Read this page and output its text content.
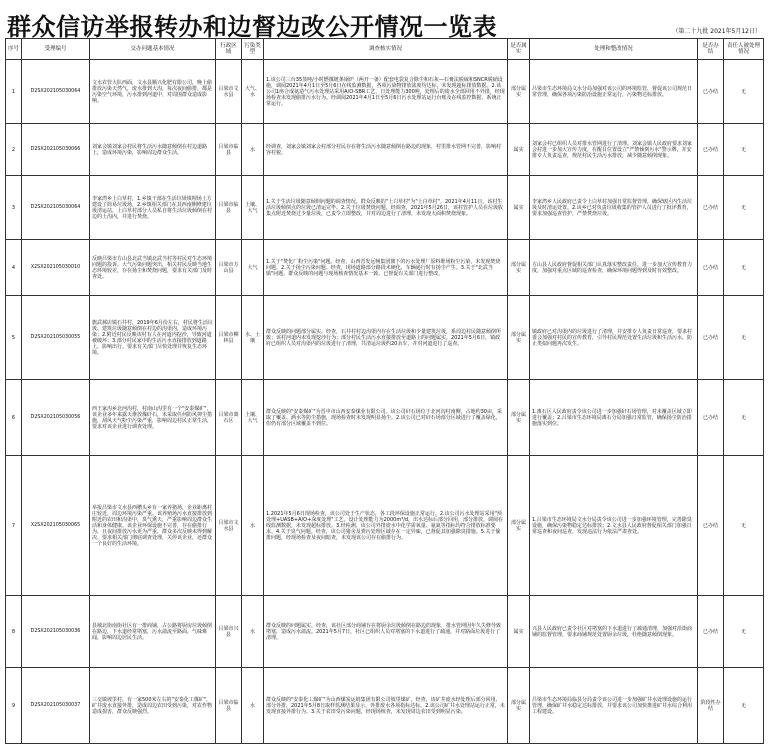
群众信访举报转办和边督边改公开情况一览表	（第二十九批 2021年5月12日）
序号	受理编号	交办问题基本情况	行政区域	污染类型	调查核实情况	是否属实	处理和整改情况	是否办结	责任人被处理情况
1	D2SX202105030064	文水农管大队西面，文水县顺兴化肥有限公司，晚上偷排放污染天然气，废水排到大沟，每次夜间偷排，都是污染空气环境，污水排到河道中，对周围群众造成影响。	吕梁市文水县	大气、水	1.该公司三台35蒸吨/小时燃煤链条锅炉（两开一备）配套电袋复合除尘和石灰—石膏法脱硫和SNCR脱硝设施，调阅2021年4月1日至5月6日在线监测数据，各项污染物排放浓度均达标，未发现超标排放数据。2.该公司1座合成氨造气污水处理站采用A/O-SBR工艺，日处理能力300吨，处理后的废水全部回用不外排，经现场检查未发现偷排污水行为。经调阅2021年4月1日至5月6日污水处理站运行台账及在线监控数据，系统正常运行。	部分属实	吕梁市生态环境局文水分局加强对该公司的环境监管，督促该公司规范日常管理，确保各项污染防治设施正常运行，污染物达标排放。	已办结	无
2	D2SX202105030066	刘家会镇刘家会村民将生活污水随意倾倒在村边道路上，造成环境污染，影响周边群众生活。	吕梁市临县	水	经调查，刘家会镇刘家会村部分村民存在将生活污水随意倾倒在路边的现象，村里排水管网不完善，影响村容村貌。	属实	刘家会村已组织人员对排水管网进行了清理。刘家会镇人民政府要求刘家会村进一步加大宣传力度，在醒目位置设立"严禁倾倒污水"警示牌，并安排专人负责巡查，规范村民生活污水排放，减少随意倾倒现象。	已办结	无
3	D2SX202105030064	李家湾乡上白草村，1.乡镇干部在生活垃圾填埋场上方建设了简易垃圾场，2.乡镇相关部门在其西南侧修建垃圾清运站，上白草村部分人员私自将生活垃圾倾倒在村边的土沟内，并进行焚烧。	吕梁市临县	土壤、大气	1.关于生活垃圾随意倾倒问题的调查情况。群众反映的"上白草村"为"上白草村"。2021年4月11日，该村生活垃圾倾倒点的垃圾已清运完毕。2.关于垃圾焚烧问题。经调查，2021年5月26日，该村管护人员在垃圾收集点附近焚烧过少量垃圾，已责令立即整改，并对周边进行了清理，未发现大面积焚烧现象。	属实	李家湾乡人民政府已责令上白草村加强日常监督管理，确保辖区内生活垃圾及时清运处置。2.该乡已对负责垃圾收集的管护人员进行了批评教育，要求加强巡查管护，严禁焚烧垃圾。	已办结	无
4	X2SX202105030010	反映吕梁市方山县北武当镇北武当村等村民对生态环境问题的投诉，大气污染问题突出，相关村民反映当地生态环境较差，存在扬尘和焚烧问题，要求有关部门及时查处。	吕梁市方山县	大气	1.关于"焚化厂粉尘污染"问题。经查，山西晋发远畅集团旗下的污水处理厂原料堆场粉尘污染，未发现焚烧问题。2.关于扬尘污染问题。经查，现场道路部分路段未硬化，车辆通行时有扬尘产生。3.关于"北武当镇"问题，群众反映的问题与现场核查情况基本一致，已督促有关部门进行整改。	部分属实	方山县人民政府督促相关部门认真落实整改责任，进一步加大宣传教育力度，加强对重点区域的巡查检查，确保环境问题得到及时有效整改。	已办结	无
5	D2SX202105030055	旗武郝店镇石井村，2019年6月份左右，村民将生活垃圾、建筑垃圾随意倾倒在村边的沟渠内，造成环境污染；2.附近村民反映该村有人在河道内挖沙，导致河道被破坏；3.部分村民家中的生活污水直接排放到道路上，影响出行。要求有关部门尽快处理并恢复生态环境。	吕梁市柳林县	水、土壤	群众反映的问题部分属实。经查，石井村村边沟渠内存在生活垃圾和少量建筑垃圾，系周边村民随意倾倒所致；该村河道内未发现挖沙行为；部分村民生活污水直接排放至道路上的问题属实。2021年5月6日，镇政府已组织人员对沟渠内的垃圾进行了清理，共清运垃圾约20余车，并对河道进行了巡查。	部分属实	镇政府已对沟渠内的垃圾进行了清理，并安排专人负责日常巡查，要求村委会加强对村民的宣传教育，引导村民规范处置生活垃圾和生活污水，防止类似问题再次发生。	已办结	无
6	D2SX202105030056	西王家沟乡北河沟村，村南山沟里有一个"安泰煤矿"，该企业多年来露天堆放煤矸石，未采取任何防风抑尘措施，刮风天气粉尘污染严重，影响周边村民正常生活，要求对该企业进行调查处理。	吕梁市离石区	土壤、大气	群众反映的"安泰煤矿"为晋中市山西安泰煤业有限公司。该公司矸石场位于北河沟村南侧，占地约30亩，采取了覆盖、洒水等防尘措施，现场检查时未发现明显扬尘。2.该公司已对矸石场部分区域进行了覆盖绿化，但仍有部分区域覆盖不到位。	部分属实	1.离石区人民政府责令该公司进一步加强矸石场管理，对未覆盖区域立即进行覆盖；2.吕梁市生态环境局离石分局加强日常监管，确保扬尘防治措施落实到位。	已办结	无
7	X2SX202105030065	举报吕梁市文水县西槽头乡有一家养猪场，企业距离村庄较近，周边环境污染严重。该养殖场污水直接排放到附近的农田和沟渠中，臭气熏天，严重影响周边群众生活和身体健康。该企业环保设施不完善，存在偷排行为，且夜间排放污水更为严重，群众多次反映未得到解决。要求相关部门彻底调查处理，关停该企业，还群众一个良好的生活环境。	吕梁市文水县	水	1.2021年5月6日现场检查，该公司处于生产状态，各工段环保设施正常运行。2.该公司污水处理站采用"预处理+UASB+A/O+深度处理"工艺，设计处理能力为2000m³/d，出水达标后部分回用，部分排放。调阅在线监测数据，未发现超标排放。3.经检测，该公司外排废水中化学需氧量、氨氮等指标均符合排放标准要求。4.关于臭气问题。经查，该公司猪舍及粪污处理区域存在一定异味，已督促其加强除臭措施。5.关于偷排问题，经现场检查及夜间暗查，未发现该公司存在偷排行为。	部分属实	1.吕梁市生态环境局文水分局责令该公司进一步加强环境管理，完善除臭设施，确保污染物稳定达标排放；2.文水县人民政府督促相关部门加强日常巡查和夜间巡查，发现违法行为依法严肃查处。	已办结	无
8	D2SX202105030036	县城北街南街社区有一排商铺，占公路将厨房垃圾倾倒在路边，下水道经常堵塞，污水溢流至路面，气味难闻，影响周边居民生活。	吕梁市兴县	水	群众反映的问题属实。经查，该社区部分商铺存在将厨余垃圾倾倒在路边的现象，排水管网因年久失修导致堵塞，造成污水溢流。2021年5月7日，社区已组织人员对堵塞的下水道进行了疏通，并对路面垃圾进行了清理。	属实	兴县人民政府已责令社区对堵塞的下水道进行了疏通清理，加强对沿街商铺的监督管理，要求商铺规范处置厨余垃圾，杜绝随意倾倒现象。	已办结	无
9	D2SX202105030037	三交镇坡里村，有一家500米左右的"安泰化工煤矿"，矿井废水直接外排，造成周边农田受到污染，对农作物造成损害，群众反映强烈。	吕梁市临县	水	群众反映的"安泰化工煤矿"为山西煤炭运销集团有限公司坡里煤矿。经查，该矿井废水经处理后部分回用、部分外排，2021年5月8日取样监测结果显示，外排废水各项指标达标。2.该公司矿井水处理站运行正常，未发现直接外排行为。3.关于农田受污染问题，经现场核查，未发现周边农田受到明显污染。	部分属实	吕梁市生态环境局临县分局责令该公司进一步加强矿井水处理设施的运行管理，确保矿井水稳定达标排放，并要求该公司加快推进矿井水综合利用工程建设。	阶段性办结	无
